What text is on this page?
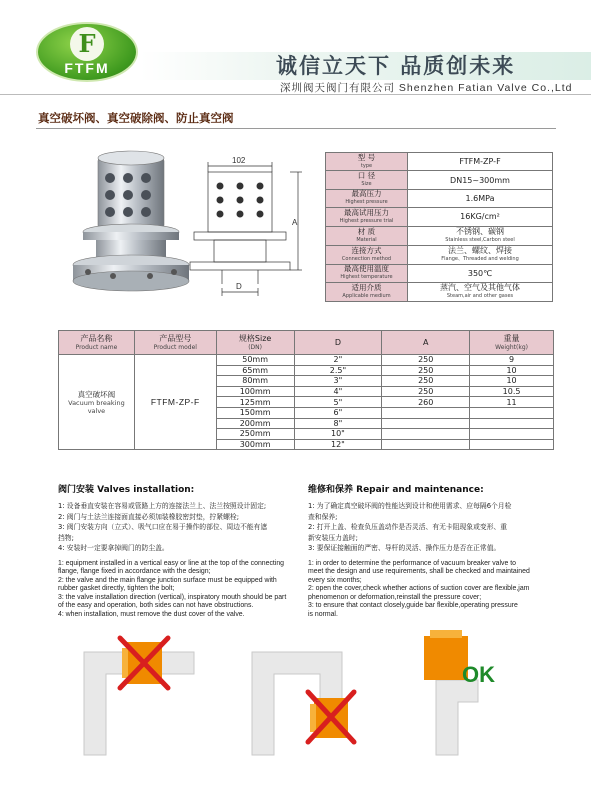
F
FTFM	诚信立天下 品质创未来
深圳阀天阀门有限公司 Shenzhen Fatian Valve Co.,Ltd
真空破坏阀、真空破除阀、防止真空阀
102
A
D
型 号
type	FTFM-ZP-F

口 径
Size	DN15~300mm

最高压力
Highest pressure	1.6MPa

最高试用压力
Highest pressure trial	16KG/cm²

材 质
Material	不锈钢、碳钢
Stainless steel,Carbon steel

连接方式
Connection method	法兰、螺纹、焊接
Flange、Threaded and welding

最高使用温度
Highest temperature	350℃

适用介质
Applicable medium	蒸汽、空气及其他气体
Steam,air and other gases
产品名称
Product name	产品型号
Product model	规格Size
(DN)	D	A	重量
Weight(kg)

真空破坏阀
Vacuum breaking valve	FTFM-ZP-F	50mm	2"	250	9
		65mm	2.5"	250	10
		80mm	3"	250	10
		100mm	4"	250	10.5
		125mm	5"	260	11
		150mm	6"		
		200mm	8"		
		250mm	10"		
		300mm	12"		
阀门安装 Valves installation:
1: 设备垂直安装在容易或管路上方的连接法兰上、法兰按照设计固定;
2: 阀门与土法兰连接面直接必须加装橡胶密封垫，拧紧螺栓;
3: 阀门安装方向（立式）、吸气口应在易于操作的部位、周边不能有遮
挡物;
4: 安装时一定要拿掉阀门的防尘盖。
1: equipment installed in a vertical easy or line at the top of the connecting
flange, flange fixed in accordance with the design;
2: the valve and the main flange junction surface must be equipped with
rubber gasket directly, tighten the bolt;
3: the valve installation direction (vertical), inspiratory mouth should be part
of the easy and operation, both sides can not have obstructions.
4: when installation, must remove the dust cover of the valve.
维修和保养 Repair and maintenance:
1: 为了确定真空破坏阀的性能达到设计和使用需求、应每隔6个月检
查和保养;
2: 打开上盖、检查负压盖动作是否灵活、有无卡阻现象或变形、重
新安装压力盖时;
3: 要保证接触面的严密、导杆的灵活、操作压力是否在正常值。
1: in order to determine the performance of vacuum breaker valve to
meet the design and use requirements, shall be checked and maintained
every six months;
2: open the cover,check whether actions of suction cover are flexible,jam
phenomenon or deformation,reinstall the pressure cover;
3: to ensure that contact closely,guide bar flexible,operating pressure
is normal.
OK
